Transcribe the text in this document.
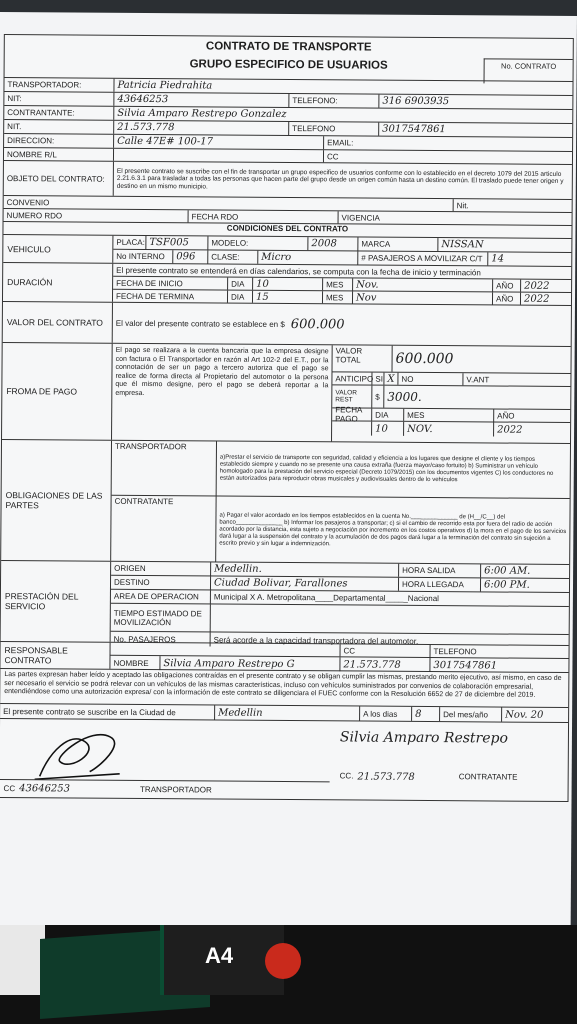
CONTRATO DE TRANSPORTE
GRUPO ESPECIFICO DE USUARIOS	No. CONTRATO
TRANSPORTADOR:	Patricia Piedrahita
NIT:	43646253	TELEFONO:	316 6903935
CONTRANTANTE:	Silvia Amparo Restrepo Gonzalez
NIT.	21.573.778	TELEFONO	3017547861
DIRECCION:	Calle 47E# 100-17	EMAIL:
NOMBRE R/L	CC
OBJETO DEL CONTRATO:
El presente contrato se suscribe con el fin de transportar un grupo especifico de usuarios conforme con lo establecido en el decreto 1079 del 2015 articulo 2.21.6.3.1 para trasladar a todas las personas que hacen parte del grupo desde un origen común hasta un destino común. El traslado puede tener origen y destino en un mismo municipio.
CONVENIO	Nit.
NUMERO RDO	FECHA RDO	VIGENCIA
CONDICIONES DEL CONTRATO
VEHICULO
PLACA: TSF005	MODELO:	2008	MARCA	NISSAN
No INTERNO	096	CLASE:	Micro	# PASAJEROS A MOVILIZAR C/T 14
DURACIÓN
El presente contrato se entenderá en días calendarios, se computa con la fecha de inicio y terminación
FECHA DE INICIO	DIA	10	MES	Nov.	AÑO	2022
FECHA DE TERMINA	DIA	15	MES	Nov	AÑO	2022
VALOR DEL CONTRATO	El valor del presente contrato se establece en $ 600.000
FROMA DE PAGO
El pago se realizara a la cuenta bancaria que la empresa designe con factura o El Transportador en razón al Art 102-2 del E.T., por la connotación de ser un pago a tercero autoriza que el pago se realice de forma directa al Propietario del automotor o la persona que él mismo designe, pero el pago se deberá reportar a la empresa.
VALOR TOTAL	600.000
ANTICIPO SI X NO	V.ANT
VALOR REST	$ 3000.
FECHA PAGO	DIA	MES	AÑO
10	NOV.	2022
OBLIGACIONES DE LAS PARTES
TRANSPORTADOR
a)Prestar el servicio de transporte con seguridad, calidad y eficiencia a los lugares que designe el cliente y los tiempos establecido siempre y cuando no se presente una causa extraña (fuerza mayor/caso fortuito) b) Suministrar un vehículo homologado para la prestación del servicio especial (Decreto 1079/2015) con los documentos vigentes C) los conductores no están autorizados para reproducir obras musicales y audiovisuales dentro de lo vehículos
CONTRATANTE
a) Pagar el valor acordado en los tiempos establecidos en la cuenta No.______________ de (H__/C__) del banco______________ b) Informar los pasajeros a transportar; c) si el cambio de recorrido esta por fuera del radio de acción acordado por la distancia, esta sujeto a negociación por incremento en los costos operativos d) la mora en el pago de los servicios dará lugar a la suspensión del contrato y la acumulación de dos pagos dará lugar a la terminación del contrato sin sujeción a escrito previo y sin lugar a indemnización.
PRESTACIÓN DEL SERVICIO
ORIGEN	Medellin.	HORA SALIDA	6:00 AM.
DESTINO	Ciudad Bolivar, Farallones	HORA LLEGADA	6:00 PM.
AREA DE OPERACION	Municipal X A. Metropolitana____Departamental_____Nacional
TIEMPO ESTIMADO DE MOVILIZACIÓN
No. PASAJEROS	Será acorde a la capacidad transportadora del automotor.
RESPONSABLE CONTRATO
CC	TELEFONO
NOMBRE	Silvia Amparo Restrepo G	21.573.778	3017547861
Las partes expresan haber leído y aceptado las obligaciones contraídas en el presente contrato y se obligan cumplir las mismas, prestando merito ejecutivo, así mismo, en caso de ser necesario el servicio se podrá relevar con un vehículos de las mismas características, incluso con vehículos suministrados por convenios de colaboración empresarial, entendiéndose como una autorización expresa/ con la información de este contrato se diligenciara el FUEC conforme con la Resolución 6652 de 27 de diciembre del 2019.
El presente contrato se suscribe en la Ciudad de	Medellin	A los dias	8	Del mes/año	Nov. 20
Silvia Amparo Restrepo
CC 43646253	TRANSPORTADOR
CC. 21.573.778	CONTRATANTE
A4
